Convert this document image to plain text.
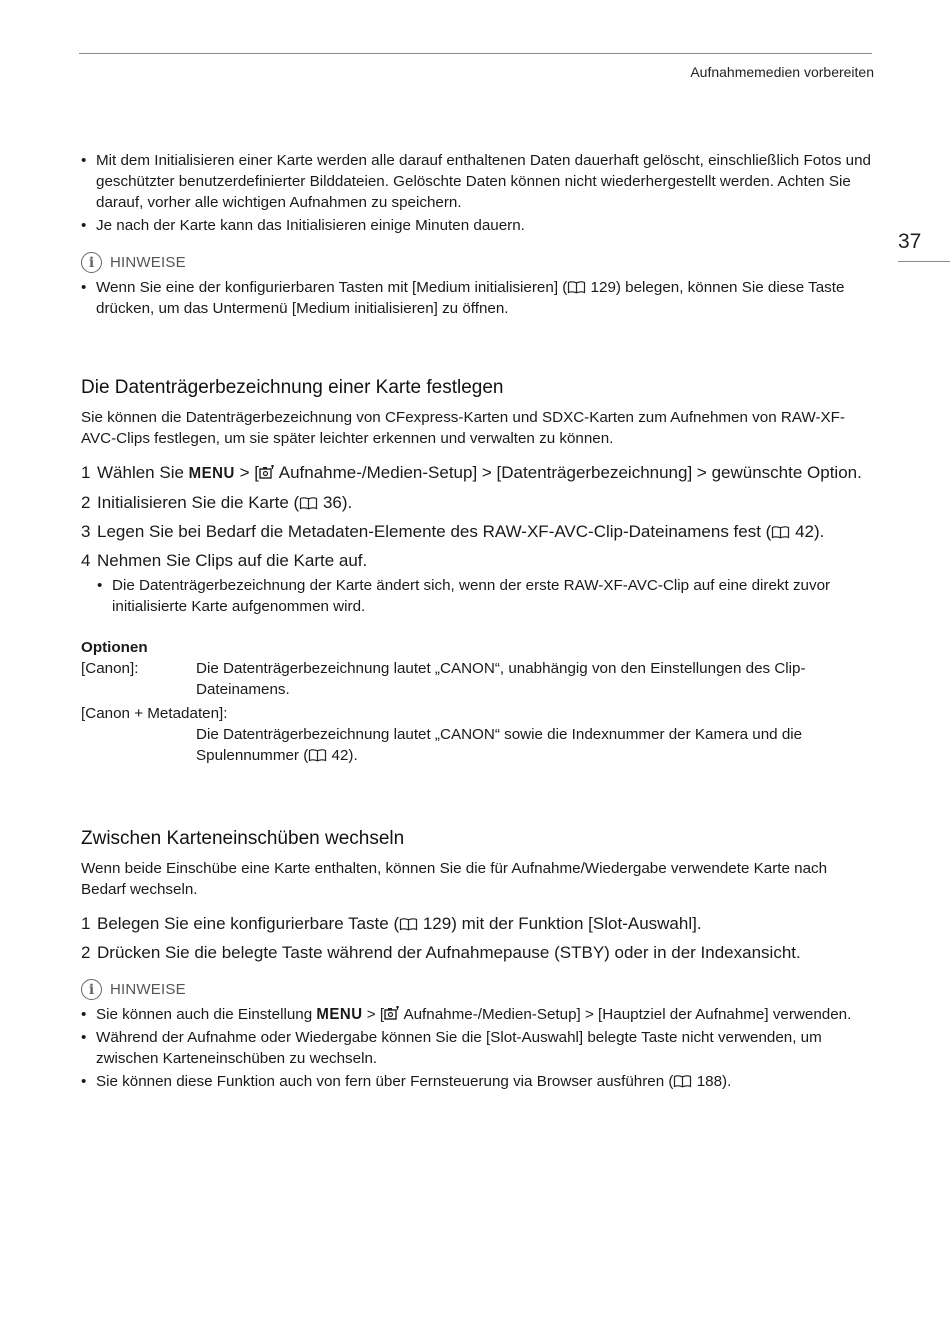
Aufnahmemedien vorbereiten
37
• Mit dem Initialisieren einer Karte werden alle darauf enthaltenen Daten dauerhaft gelöscht, einschließlich Fotos und geschützter benutzerdefinierter Bilddateien. Gelöschte Daten können nicht wiederhergestellt werden. Achten Sie darauf, vorher alle wichtigen Aufnahmen zu speichern.
• Je nach der Karte kann das Initialisieren einige Minuten dauern.
i	HINWEISE
• Wenn Sie eine der konfigurierbaren Tasten mit [Medium initialisieren] ( 129) belegen, können Sie diese Taste drücken, um das Untermenü [Medium initialisieren] zu öffnen.
Die Datenträgerbezeichnung einer Karte festlegen

Sie können die Datenträgerbezeichnung von CFexpress-Karten und SDXC-Karten zum Aufnehmen von RAW-XF-AVC-Clips festlegen, um sie später leichter erkennen und verwalten zu können.

1 Wählen Sie MENU > [ Aufnahme-/Medien-Setup] > [Datenträgerbezeichnung] > gewünschte Option.
2 Initialisieren Sie die Karte ( 36).
3 Legen Sie bei Bedarf die Metadaten-Elemente des RAW-XF-AVC-Clip-Dateinamens fest ( 42).
4 Nehmen Sie Clips auf die Karte auf.
• Die Datenträgerbezeichnung der Karte ändert sich, wenn der erste RAW-XF-AVC-Clip auf eine direkt zuvor initialisierte Karte aufgenommen wird.
Optionen
[Canon]:	Die Datenträgerbezeichnung lautet „CANON“, unabhängig von den Einstellungen des Clip-Dateinamens.
[Canon + Metadaten]:
Die Datenträgerbezeichnung lautet „CANON“ sowie die Indexnummer der Kamera und die Spulennummer ( 42).
Zwischen Karteneinschüben wechseln

Wenn beide Einschübe eine Karte enthalten, können Sie die für Aufnahme/Wiedergabe verwendete Karte nach Bedarf wechseln.

1 Belegen Sie eine konfigurierbare Taste ( 129) mit der Funktion [Slot-Auswahl].
2 Drücken Sie die belegte Taste während der Aufnahmepause (STBY) oder in der Indexansicht.
i	HINWEISE
• Sie können auch die Einstellung MENU > [ Aufnahme-/Medien-Setup] > [Hauptziel der Aufnahme] verwenden.
• Während der Aufnahme oder Wiedergabe können Sie die [Slot-Auswahl] belegte Taste nicht verwenden, um zwischen Karteneinschüben zu wechseln.
• Sie können diese Funktion auch von fern über Fernsteuerung via Browser ausführen ( 188).
